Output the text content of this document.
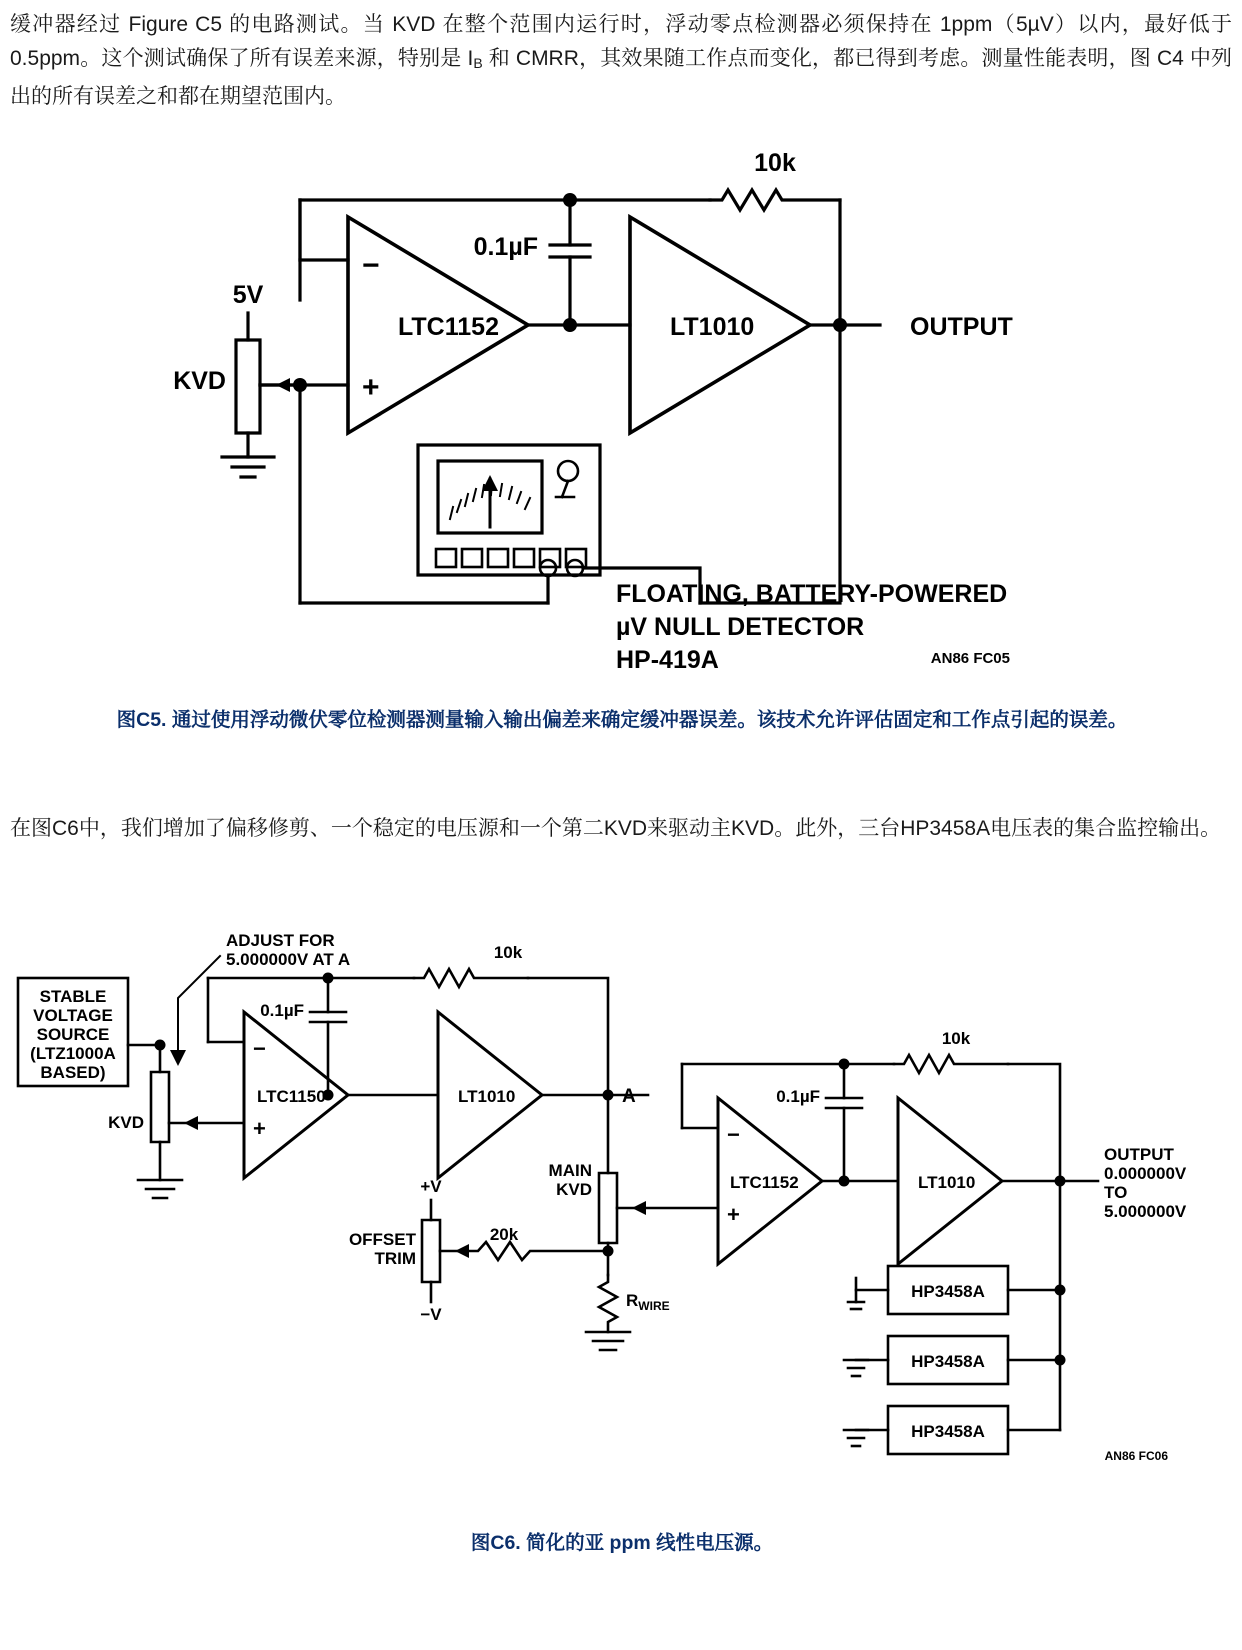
缓冲器经过 Figure C5 的电路测试。当 KVD 在整个范围内运行时，浮动零点检测器必须保持在 1ppm（5µV）以内，最好低于 0.5ppm。这个测试确保了所有误差来源，特别是 $I_B$ 和 CMRR，其效果随工作点而变化，都已得到考虑。测量性能表明，图 C4 中列出的所有误差之和都在期望范围内。
10k
0.1µF
5V
KVD
LTC1152	LT1010
−
+
OUTPUT
FLOATING, BATTERY-POWERED
µV NULL DETECTOR
HP-419A	AN86 FC05
图C5. 通过使用浮动微伏零位检测器测量输入输出偏差来确定缓冲器误差。该技术允许评估固定和工作点引起的误差。
在图C6中，我们增加了偏移修剪、一个稳定的电压源和一个第二KVD来驱动主KVD。此外，三台HP3458A电压表的集合监控输出。
STABLE
VOLTAGE
SOURCE
(LTZ1000A
BASED)
ADJUST FOR
5.000000V AT A
KVD
10k
0.1µF
LTC1150	LT1010
−
+
A
MAIN
KVD
OFFSET
TRIM
+V
−V
20k
$R_{WIRE}$
10k
0.1µF
LTC1152	LT1010
−
+
OUTPUT
0.000000V
TO
5.000000V
HP3458A
HP3458A
HP3458A
AN86 FC06
图C6. 简化的亚 ppm 线性电压源。
